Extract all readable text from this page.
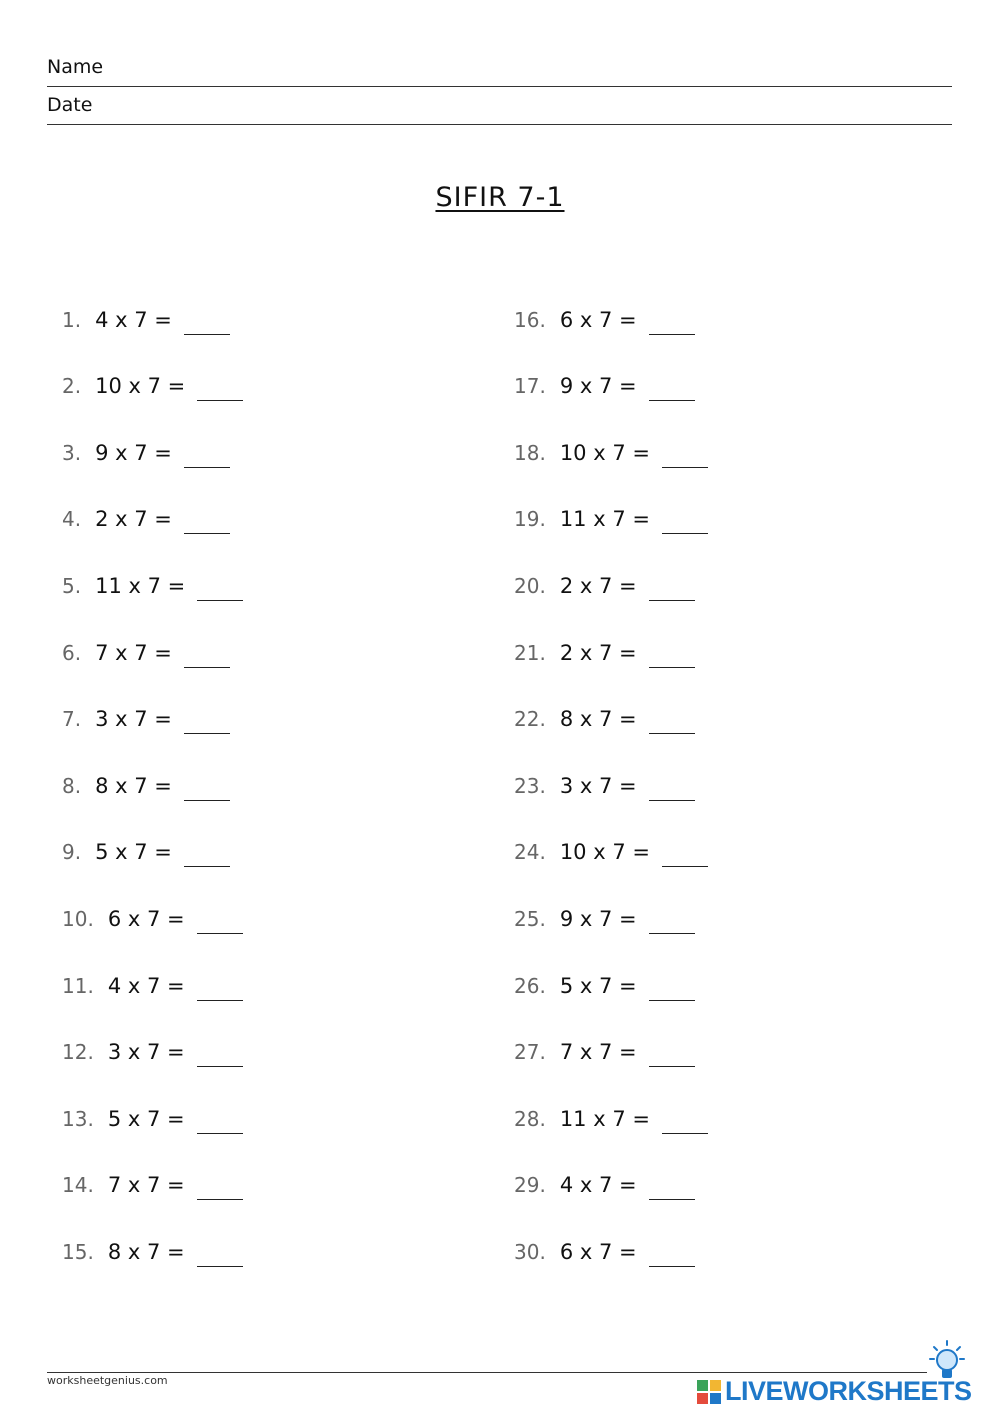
Name
Date
SIFIR 7-1
1. 4 x 7 =
2. 10 x 7 =
3. 9 x 7 =
4. 2 x 7 =
5. 11 x 7 =
6. 7 x 7 =
7. 3 x 7 =
8. 8 x 7 =
9. 5 x 7 =
10. 6 x 7 =
11. 4 x 7 =
12. 3 x 7 =
13. 5 x 7 =
14. 7 x 7 =
15. 8 x 7 =
16. 6 x 7 =
17. 9 x 7 =
18. 10 x 7 =
19. 11 x 7 =
20. 2 x 7 =
21. 2 x 7 =
22. 8 x 7 =
23. 3 x 7 =
24. 10 x 7 =
25. 9 x 7 =
26. 5 x 7 =
27. 7 x 7 =
28. 11 x 7 =
29. 4 x 7 =
30. 6 x 7 =
worksheetgenius.com	LIVEWORKSHEETS
